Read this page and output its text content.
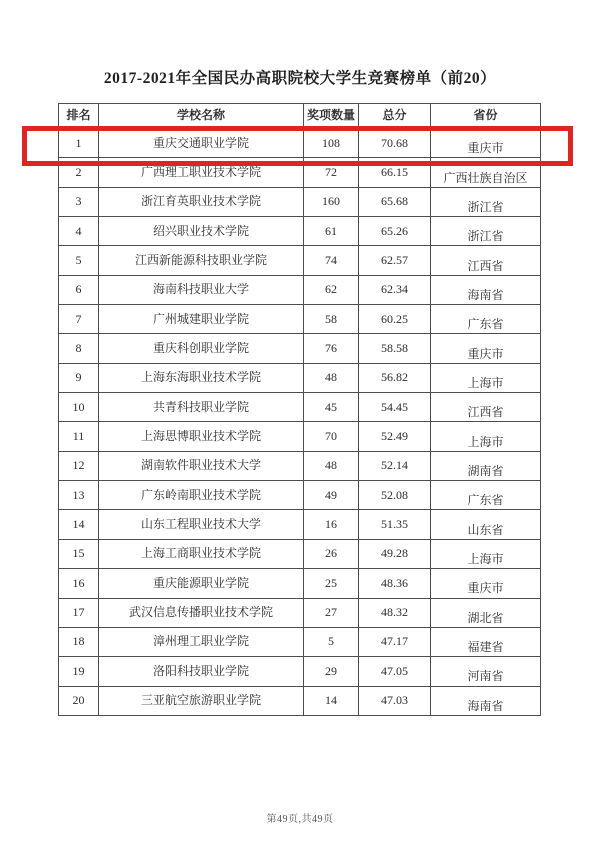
2017-2021年全国民办高职院校大学生竞赛榜单（前20）
排名	学校名称	奖项数量	总分	省份
1	重庆交通职业学院	108	70.68	重庆市
2	广西理工职业技术学院	72	66.15	广西壮族自治区
3	浙江育英职业技术学院	160	65.68	浙江省
4	绍兴职业技术学院	61	65.26	浙江省
5	江西新能源科技职业学院	74	62.57	江西省
6	海南科技职业大学	62	62.34	海南省
7	广州城建职业学院	58	60.25	广东省
8	重庆科创职业学院	76	58.58	重庆市
9	上海东海职业技术学院	48	56.82	上海市
10	共青科技职业学院	45	54.45	江西省
11	上海思博职业技术学院	70	52.49	上海市
12	湖南软件职业技术大学	48	52.14	湖南省
13	广东岭南职业技术学院	49	52.08	广东省
14	山东工程职业技术大学	16	51.35	山东省
15	上海工商职业技术学院	26	49.28	上海市
16	重庆能源职业学院	25	48.36	重庆市
17	武汉信息传播职业技术学院	27	48.32	湖北省
18	漳州理工职业学院	5	47.17	福建省
19	洛阳科技职业学院	29	47.05	河南省
20	三亚航空旅游职业学院	14	47.03	海南省
第49页,共49页
